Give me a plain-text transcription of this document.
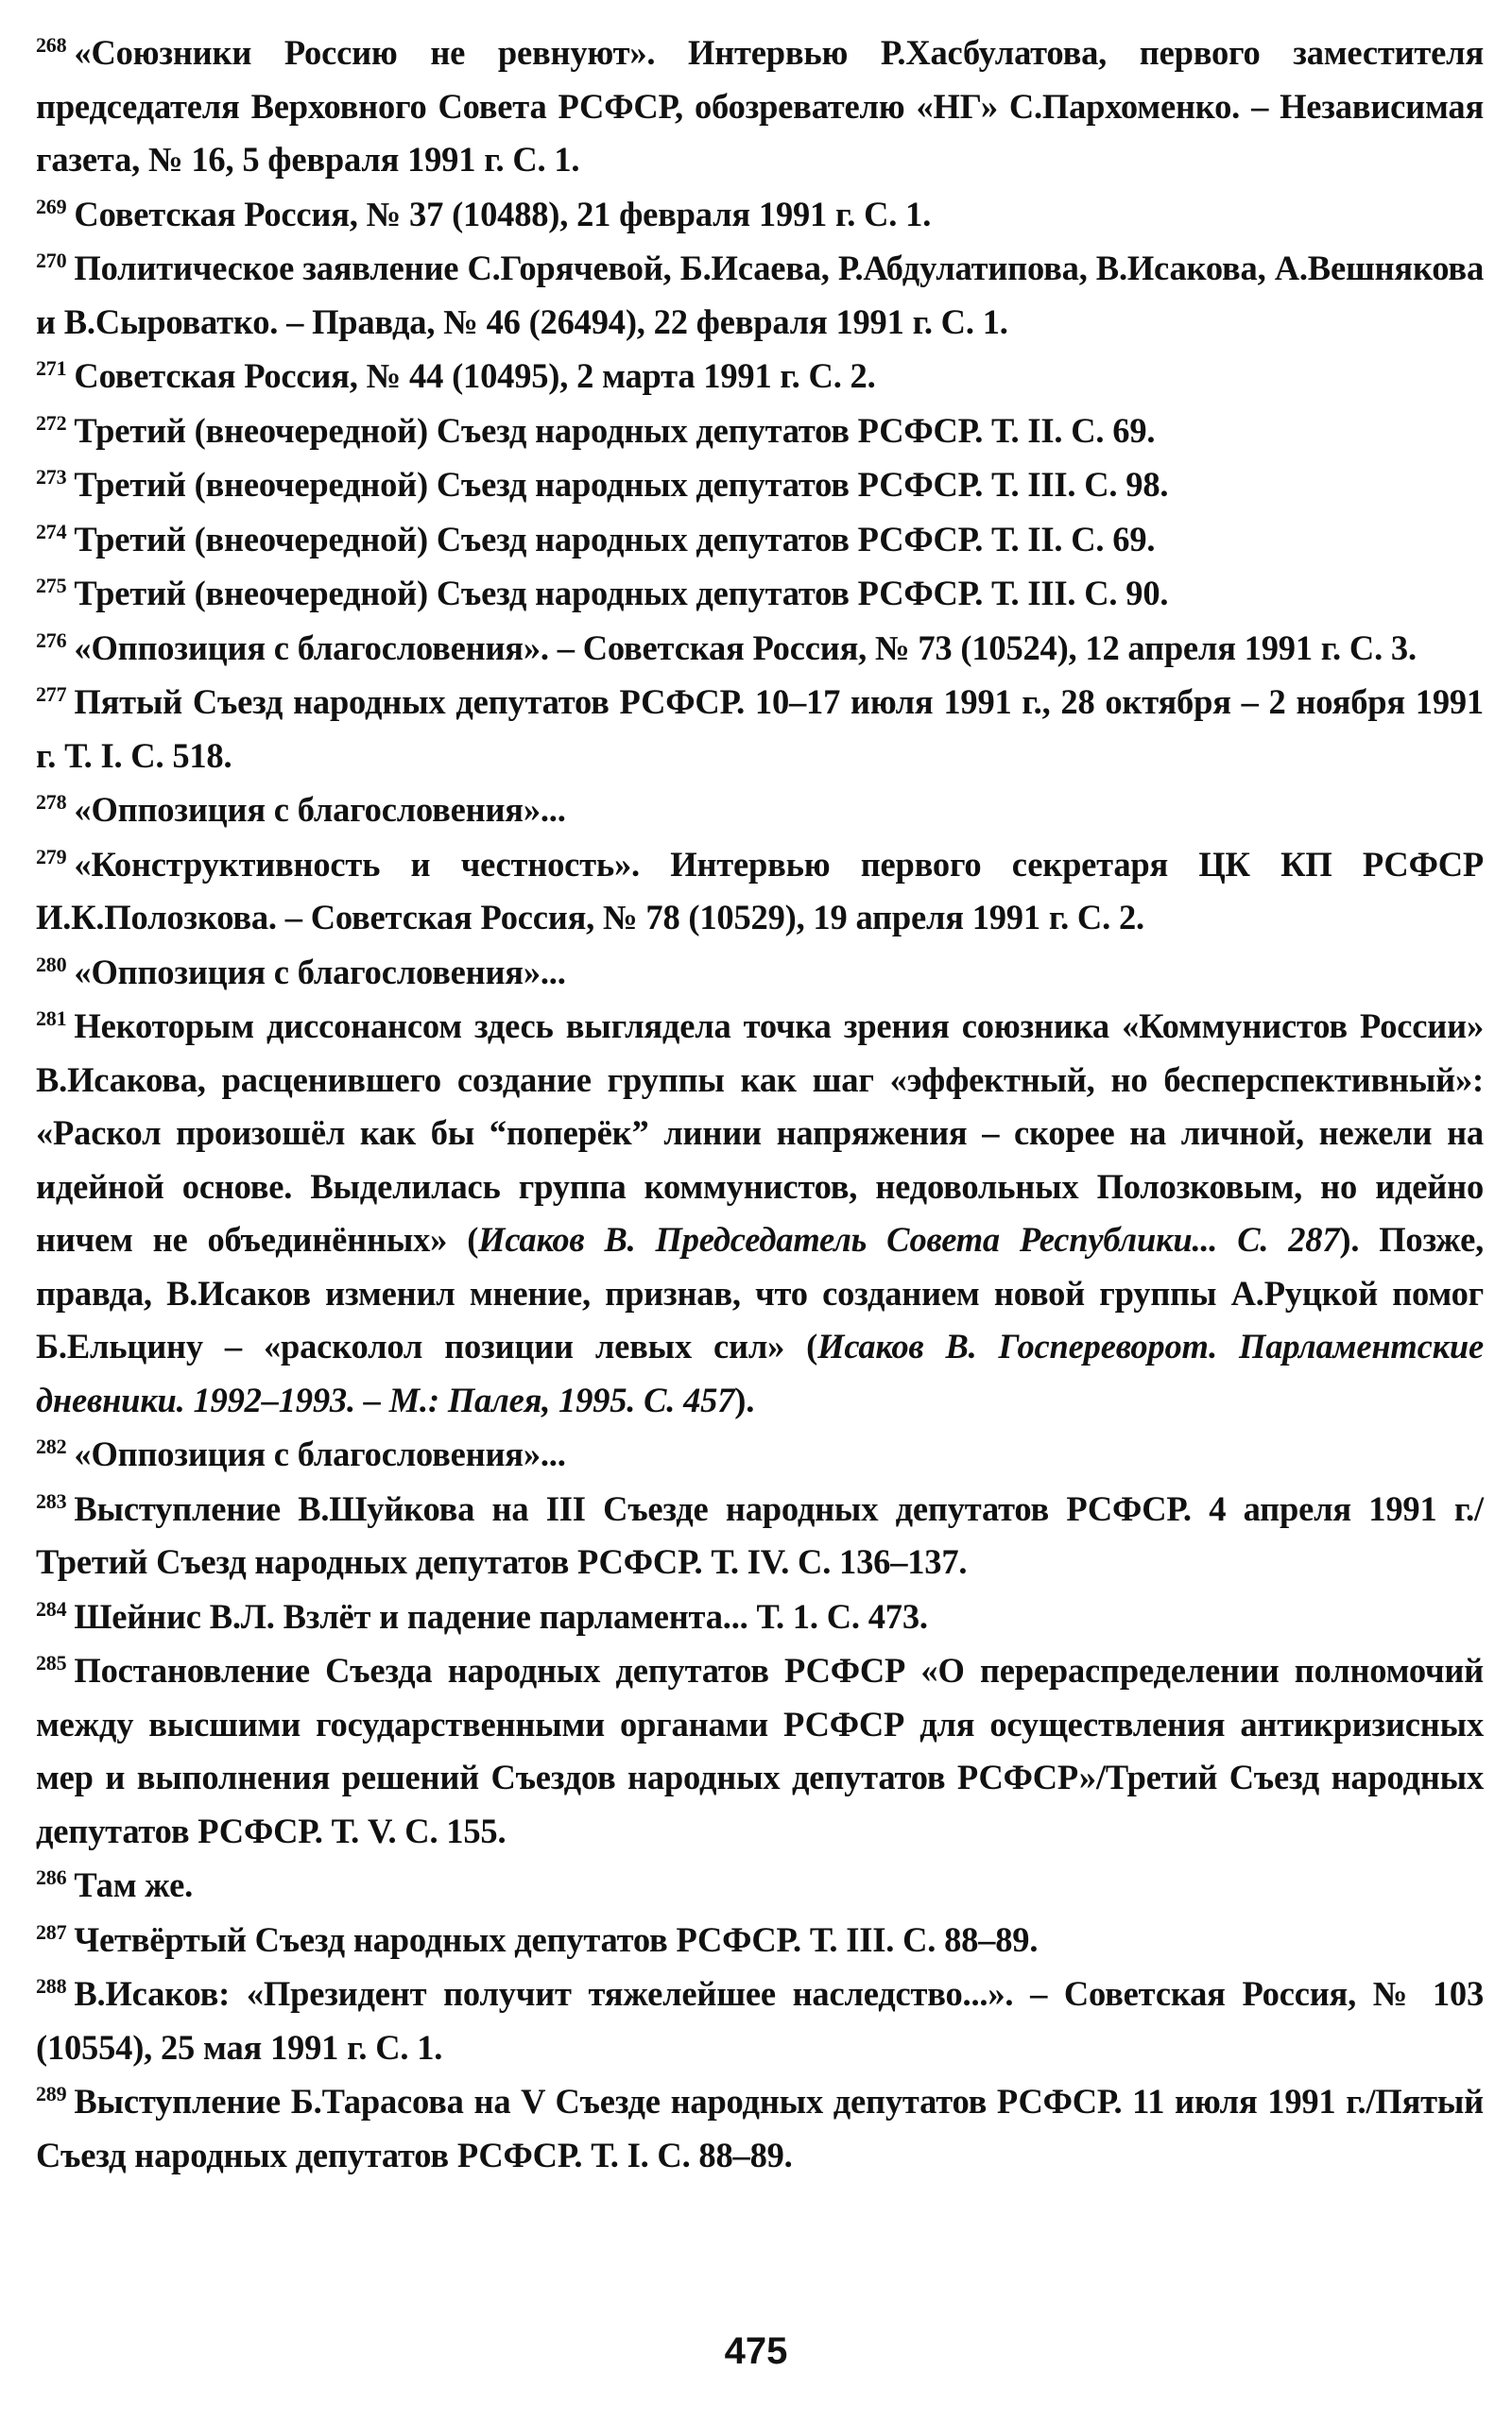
$^{268}$ «Союзники Россию не ревнуют». Интервью Р.Хасбулатова, первого заместителя председателя Верховного Совета РСФСР, обозревателю «НГ» С.Пархоменко. – Независимая газета, № 16, 5 февраля 1991 г. С. 1.
$^{269}$ Советская Россия, № 37 (10488), 21 февраля 1991 г. С. 1.
$^{270}$ Политическое заявление С.Горячевой, Б.Исаева, Р.Абдулатипова, В.Исакова, А.Вешнякова и В.Сыроватко. – Правда, № 46 (26494), 22 февраля 1991 г. С. 1.
$^{271}$ Советская Россия, № 44 (10495), 2 марта 1991 г. С. 2.
$^{272}$ Третий (внеочередной) Съезд народных депутатов РСФСР. Т. II. С. 69.
$^{273}$ Третий (внеочередной) Съезд народных депутатов РСФСР. Т. III. С. 98.
$^{274}$ Третий (внеочередной) Съезд народных депутатов РСФСР. Т. II. С. 69.
$^{275}$ Третий (внеочередной) Съезд народных депутатов РСФСР. Т. III. С. 90.
$^{276}$ «Оппозиция с благословения». – Советская Россия, № 73 (10524), 12 апреля 1991 г. С. 3.
$^{277}$ Пятый Съезд народных депутатов РСФСР. 10–17 июля 1991 г., 28 октября – 2 ноября 1991 г. Т. I. С. 518.
$^{278}$ «Оппозиция с благословения»...
$^{279}$ «Конструктивность и честность». Интервью первого секретаря ЦК КП РСФСР И.К.Полозкова. – Советская Россия, № 78 (10529), 19 апреля 1991 г. С. 2.
$^{280}$ «Оппозиция с благословения»...
$^{281}$ Некоторым диссонансом здесь выглядела точка зрения союзника «Коммунистов России» В.Исакова, расценившего создание группы как шаг «эффектный, но бесперспективный»: «Раскол произошёл как бы “поперёк” линии напряжения – скорее на личной, нежели на идейной основе. Выделилась группа коммунистов, недовольных Полозковым, но идейно ничем не объединённых» (Исаков В. Председатель Совета Республики... С. 287). Позже, правда, В.Исаков изменил мнение, признав, что созданием новой группы А.Руцкой помог Б.Ельцину – «расколол позиции левых сил» (Исаков В. Госпереворот. Парламентские дневники. 1992–1993. – М.: Палея, 1995. С. 457).
$^{282}$ «Оппозиция с благословения»...
$^{283}$ Выступление В.Шуйкова на III Съезде народных депутатов РСФСР. 4 апреля 1991 г./Третий Съезд народных депутатов РСФСР. Т. IV. С. 136–137.
$^{284}$ Шейнис В.Л. Взлёт и падение парламента... Т. 1. С. 473.
$^{285}$ Постановление Съезда народных депутатов РСФСР «О перераспределении полномочий между высшими государственными органами РСФСР для осуществления антикризисных мер и выполнения решений Съездов народных депутатов РСФСР»/Третий Съезд народных депутатов РСФСР. Т. V. С. 155.
$^{286}$ Там же.
$^{287}$ Четвёртый Съезд народных депутатов РСФСР. Т. III. С. 88–89.
$^{288}$ В.Исаков: «Президент получит тяжелейшее наследство...». – Советская Россия, № 103 (10554), 25 мая 1991 г. С. 1.
$^{289}$ Выступление Б.Тарасова на V Съезде народных депутатов РСФСР. 11 июля 1991 г./Пятый Съезд народных депутатов РСФСР. Т. I. С. 88–89.
475
